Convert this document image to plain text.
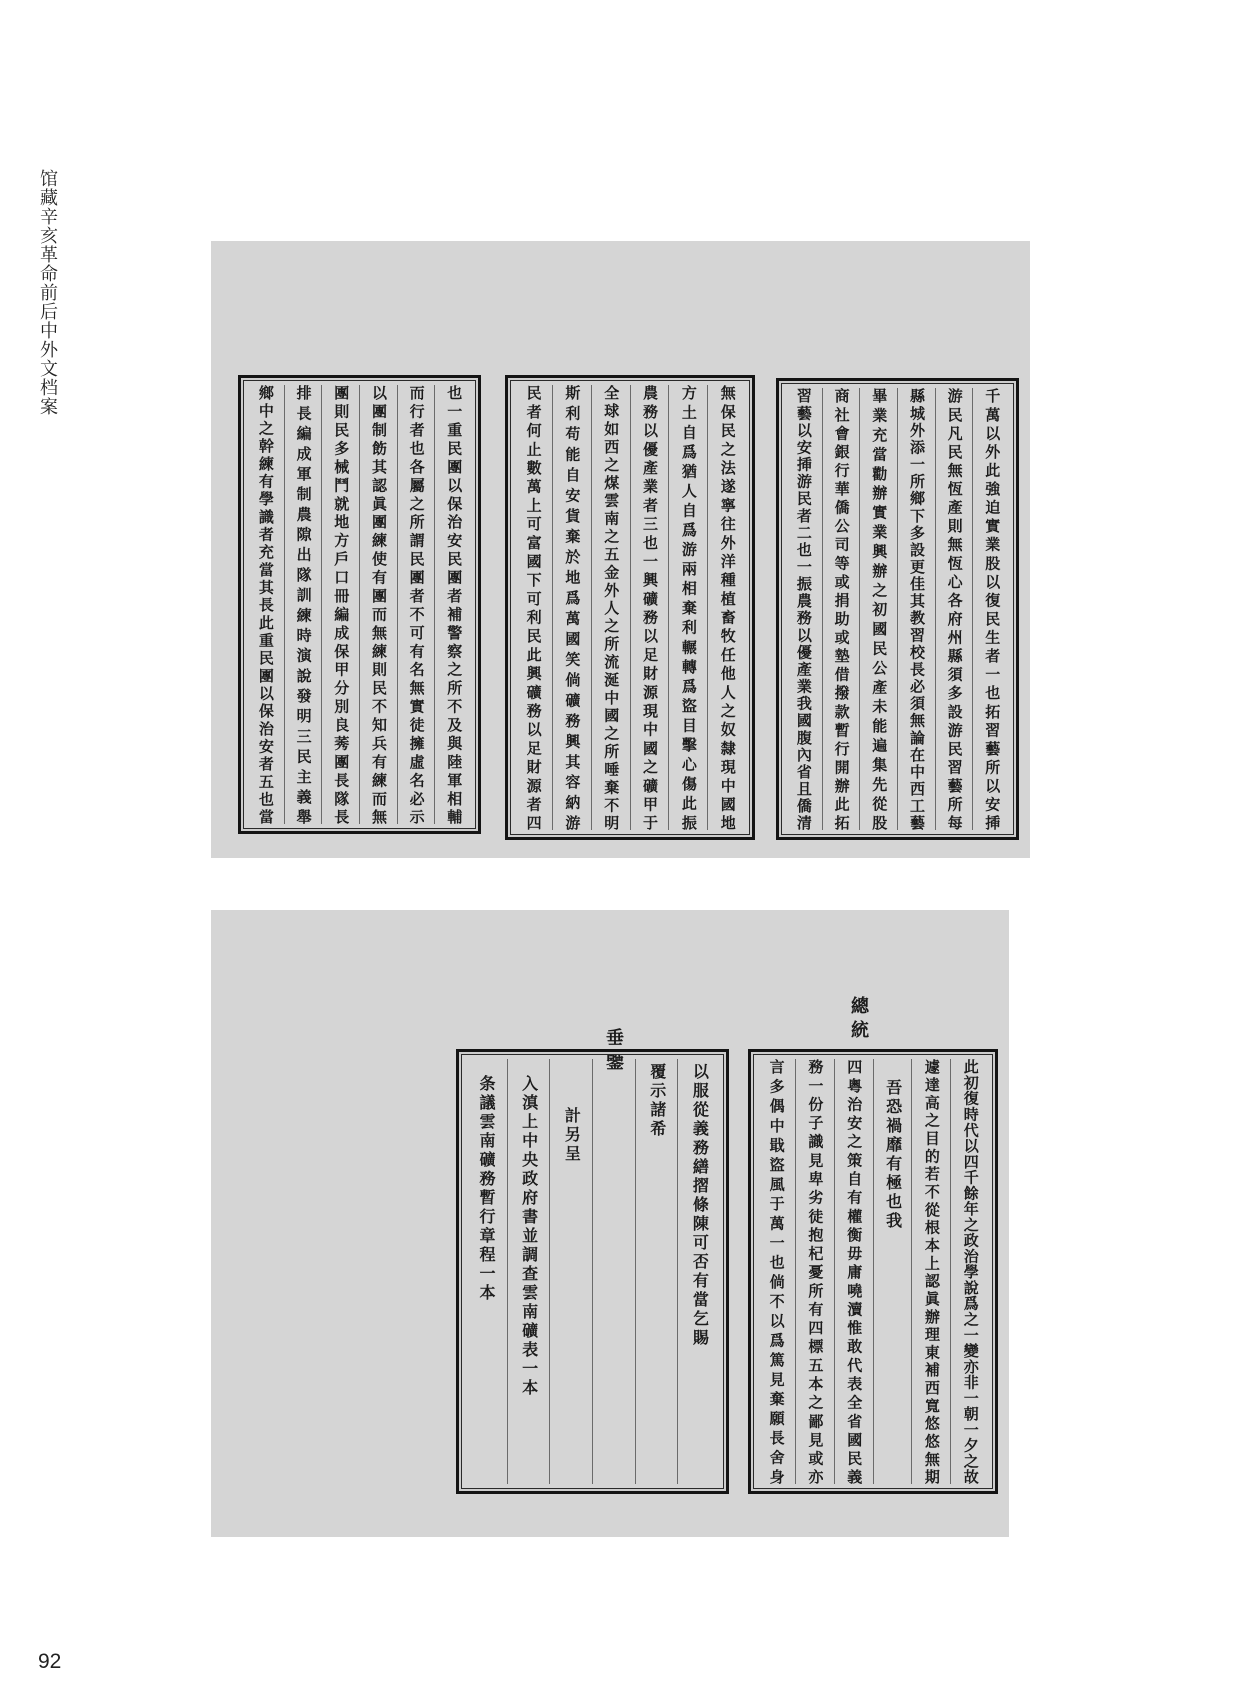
馆藏辛亥革命前后中外文档案
92
千萬以外此強迫實業股以復民生者一也拓習藝所以安揷
游民凡民無恆產則無恆心各府州縣須多設游民習藝所每
縣城外添一所鄉下多設更佳其教習校長必須無論在中西工藝
畢業充當勸辦實業興辦之初國民公產未能遍集先從股
商社會銀行華僑公司等或捐助或墊借撥款暫行開辦此拓
習藝以安揷游民者二也一振農務以優產業我國腹內省且僑清
無保民之法遂寧往外洋種植畜牧任他人之奴隸現中國地
方土自爲猶人自爲游兩相棄利輾轉爲盜目擊心傷此振
農務以優產業者三也一興礦務以足財源現中國之礦甲于
全球如西之煤雲南之五金外人之所流涎中國之所唾棄不明
斯利苟能自安貨棄於地爲萬國笑倘礦務興其容納游
民者何止數萬上可富國下可利民此興礦務以足財源者四
也一重民團以保治安民團者補警察之所不及與陸軍相輔
而行者也各屬之所謂民團者不可有名無實徒擁虛名必示
以團制飭其認眞團練使有團而無練則民不知兵有練而無
團則民多械鬥就地方戶口冊編成保甲分別良莠團長隊長
排長編成軍制農隙出隊訓練時演說發明三民主義舉
鄉中之幹練有學識者充當其長此重民團以保治安者五也當
總統
垂鑒
此初復時代以四千餘年之政治學說爲之一變亦非一朝一夕之故
遽達高之目的若不從根本上認眞辦理東補西寬悠悠無期
吾恐禍靡有極也我
四粵治安之策自有權衡毋庸嘵瀆惟敢代表全省國民義
務一份子識見卑劣徒抱杞憂所有四標五本之鄙見或亦
言多偶中戢盜風于萬一也倘不以爲篤見棄願長舍身
以服從義務繕摺條陳可否有當乞賜
覆示諸希
計另呈
入滇上中央政府書並調查雲南礦表一本
条議雲南礦務暫行章程一本
